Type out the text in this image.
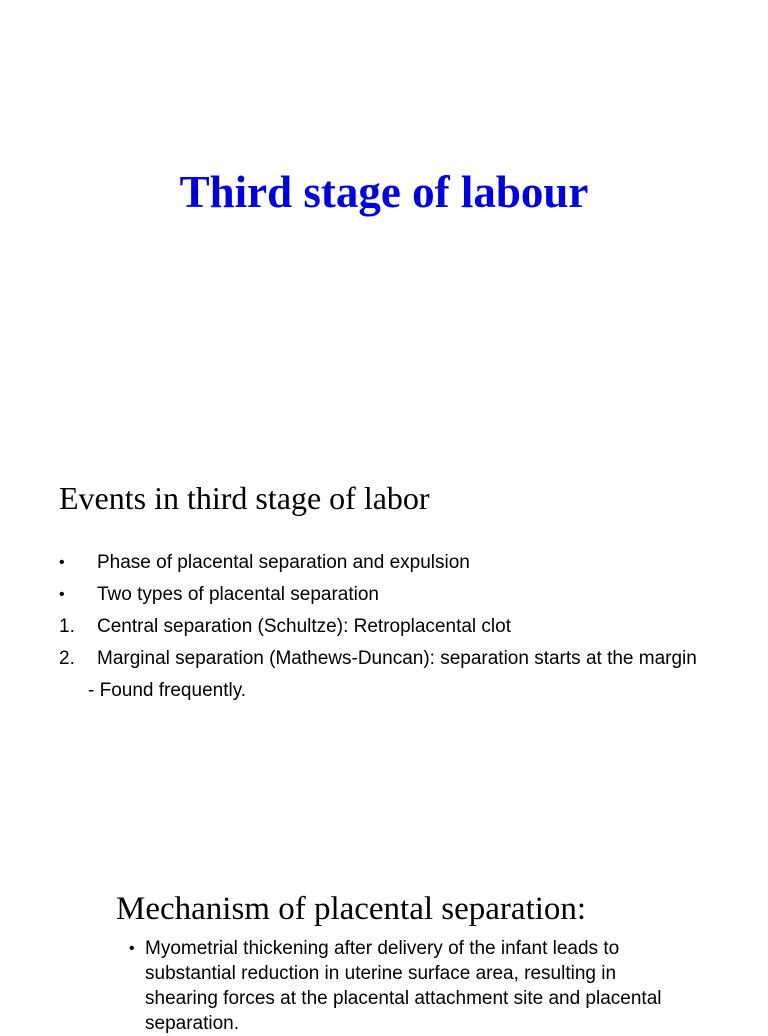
Third stage of labour
Events in third stage of labor
•	Phase of placental separation and expulsion
•	Two types of placental separation
1.	Central separation (Schultze): Retroplacental clot
2.	Marginal separation (Mathews-Duncan): separation starts at the margin
- Found frequently.
Mechanism of placental separation:
• Myometrial thickening after delivery of the infant leads to substantial reduction in uterine surface area, resulting in shearing forces at the placental attachment site and placental separation.
